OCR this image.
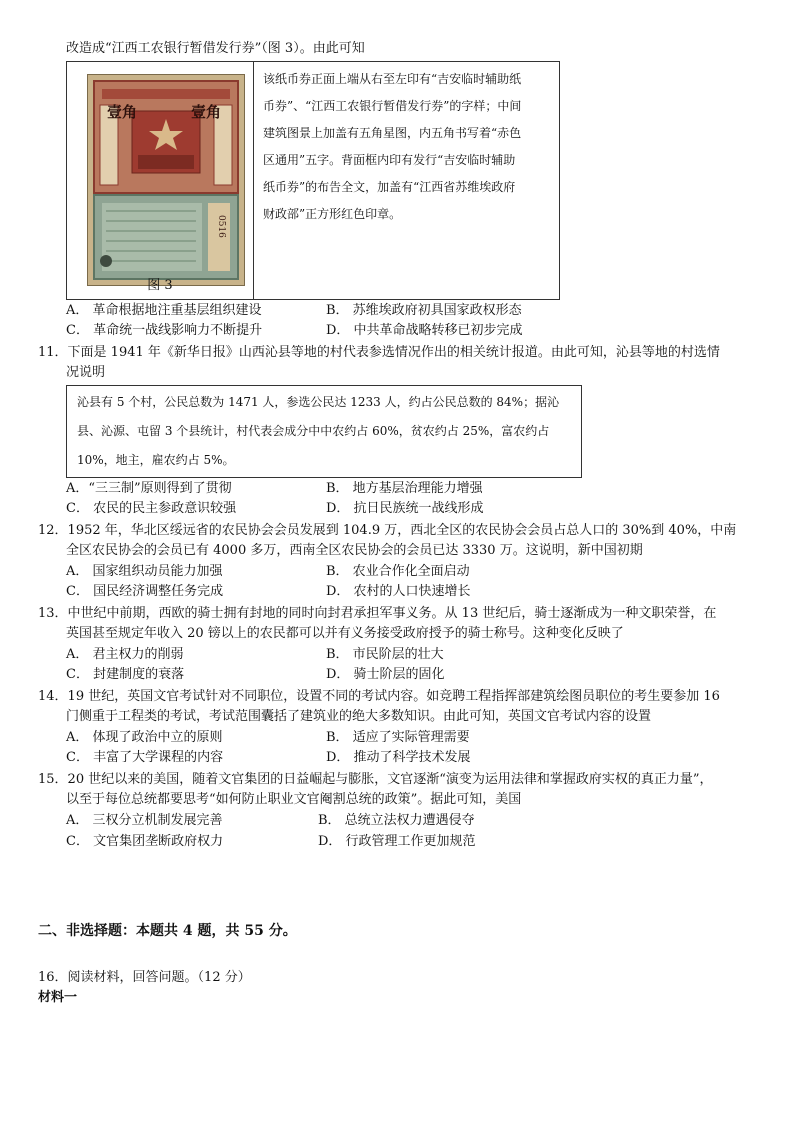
改造成“江西工农银行暂借发行券”（图 3）。由此可知
壹角	壹角
0516
图 3
该纸币券正面上端从右至左印有“吉安临时辅助纸
币券”、“江西工农银行暂借发行券”的字样；中间
建筑图景上加盖有五角星图，内五角书写着“赤色
区通用”五字。背面框内印有发行“吉安临时辅助
纸币券”的布告全文，加盖有“江西省苏维埃政府
财政部”正方形红色印章。
A． 革命根据地注重基层组织建设	B． 苏维埃政府初具国家政权形态
C． 革命统一战线影响力不断提升	D． 中共革命战略转移已初步完成
11．下面是 1941 年《新华日报》山西沁县等地的村代表参选情况作出的相关统计报道。由此可知，沁县等地的村选情
况说明
沁县有 5 个村，公民总数为 1471 人，参选公民达 1233 人，约占公民总数的 84%；据沁
县、沁源、屯留 3 个县统计，村代表会成分中中农约占 60%，贫农约占 25%，富农约占
10%，地主，雇农约占 5%。
A．“三三制”原则得到了贯彻	B． 地方基层治理能力增强
C． 农民的民主参政意识较强	D． 抗日民族统一战线形成
12．1952 年，华北区绥远省的农民协会会员发展到 104.9 万，西北全区的农民协会会员占总人口的 30%到 40%，中南
全区农民协会的会员已有 4000 多万，西南全区农民协会的会员已达 3330 万。这说明，新中国初期
A． 国家组织动员能力加强	B． 农业合作化全面启动
C． 国民经济调整任务完成	D． 农村的人口快速增长
13．中世纪中前期，西欧的骑士拥有封地的同时向封君承担军事义务。从 13 世纪后，骑士逐渐成为一种文职荣誉，在
英国甚至规定年收入 20 镑以上的农民都可以并有义务接受政府授予的骑士称号。这种变化反映了
A． 君主权力的削弱	B． 市民阶层的壮大
C． 封建制度的衰落	D． 骑士阶层的固化
14．19 世纪，英国文官考试针对不同职位，设置不同的考试内容。如竞聘工程指挥部建筑绘图员职位的考生要参加 16
门侧重于工程类的考试，考试范围囊括了建筑业的绝大多数知识。由此可知，英国文官考试内容的设置
A． 体现了政治中立的原则	B． 适应了实际管理需要
C． 丰富了大学课程的内容	D． 推动了科学技术发展
15．20 世纪以来的美国，随着文官集团的日益崛起与膨胀，文官逐渐“演变为运用法律和掌握政府实权的真正力量”，
以至于每位总统都要思考“如何防止职业文官阉割总统的政策”。据此可知，美国
A． 三权分立机制发展完善	B． 总统立法权力遭遇侵夺
C． 文官集团垄断政府权力	D． 行政管理工作更加规范
二、非选择题：本题共 4 题，共 55 分。
16．阅读材料，回答问题。（12 分）
材料一
